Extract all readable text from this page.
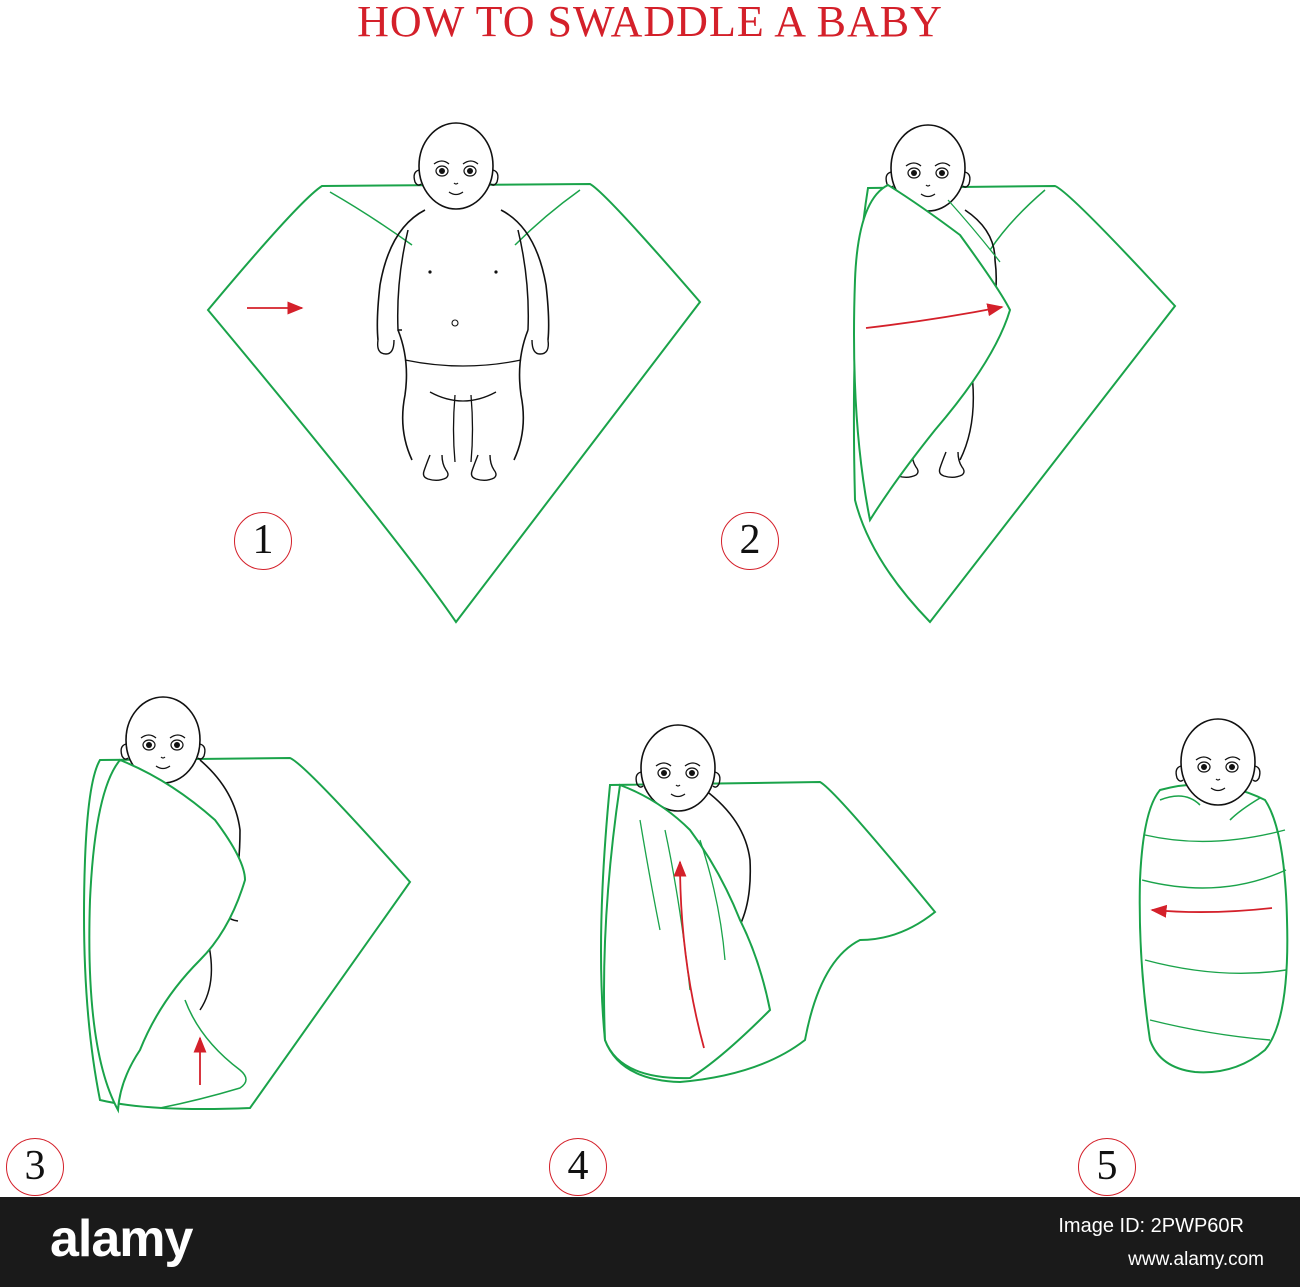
HOW TO SWADDLE A BABY
1	2
3	4	5
alamy	Image ID: 2PWP60R
www.alamy.com
